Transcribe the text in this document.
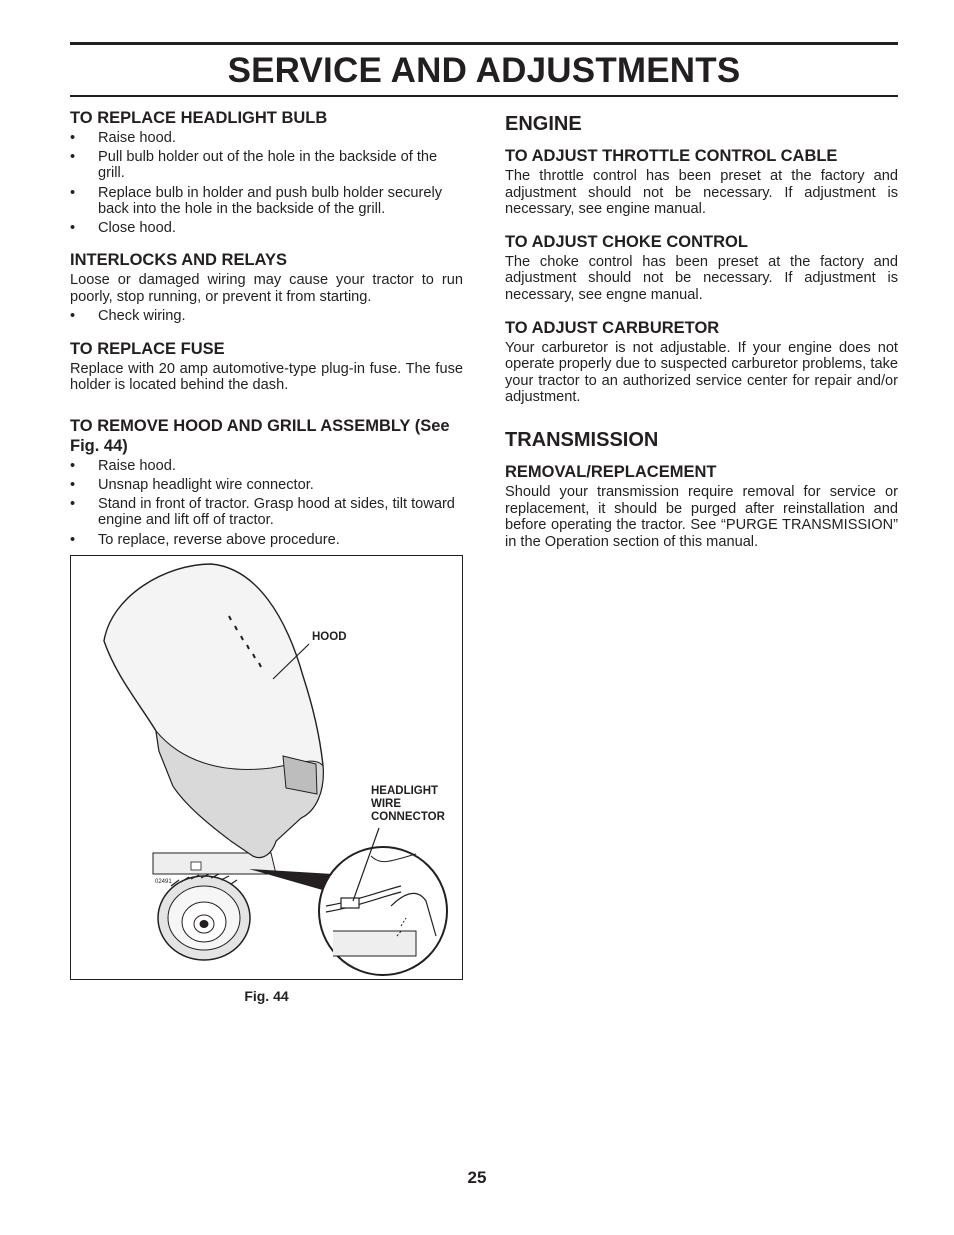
SERVICE AND ADJUSTMENTS
TO REPLACE HEADLIGHT BULB
• Raise hood.
• Pull bulb holder out of the hole in the backside of the grill.
• Replace bulb in holder and push bulb holder securely back into the hole in the backside of the grill.
• Close hood.
INTERLOCKS AND RELAYS

Loose or damaged wiring may cause your tractor to run poorly, stop running, or prevent it from starting.

• Check wiring.
TO REPLACE FUSE

Replace with 20 amp automotive-type plug-in fuse. The fuse holder is located behind the dash.

TO REMOVE HOOD AND GRILL ASSEMBLY (See Fig. 44)
• Raise hood.
• Unsnap headlight wire connector.
• Stand in front of tractor. Grasp hood at sides, tilt toward engine and lift off of tractor.
• To replace, reverse above procedure.
02491
HOOD
HEADLIGHT
WIRE
CONNECTOR
Fig. 44
ENGINE
TO ADJUST THROTTLE CONTROL CABLE

The throttle control has been preset at the factory and adjustment should not be necessary. If adjustment is necessary, see engine manual.

TO ADJUST CHOKE CONTROL

The choke control has been preset at the factory and adjustment should not be necessary. If adjustment is necessary, see engne manual.

TO ADJUST CARBURETOR

Your carburetor is not adjustable. If your engine does not operate properly due to suspected carburetor problems, take your tractor to an authorized service center for repair and/or adjustment.

TRANSMISSION
REMOVAL/REPLACEMENT

Should your transmission require removal for service or replacement, it should be purged after reinstallation and before operating the tractor. See “PURGE TRANSMISSION” in the Operation section of this manual.

25
